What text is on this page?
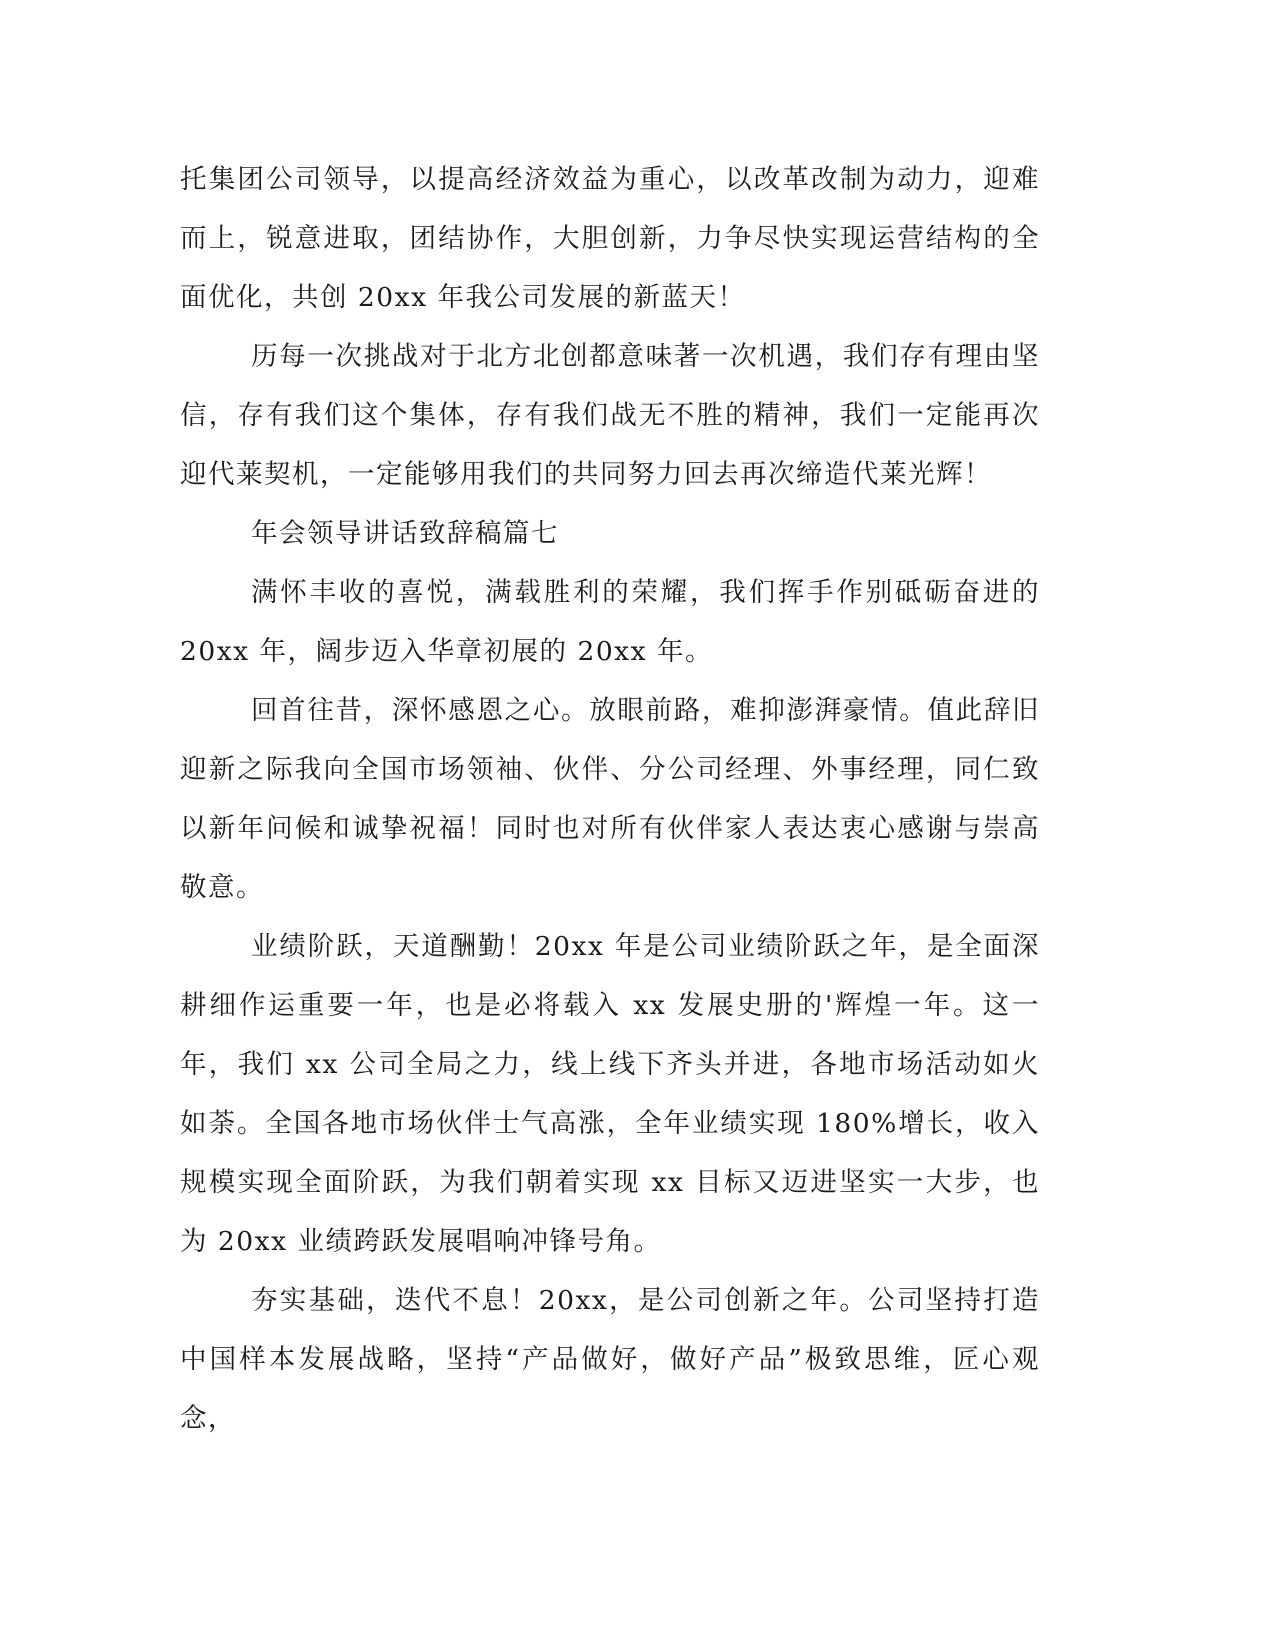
托集团公司领导，以提高经济效益为重心，以改革改制为动力，迎难而上，锐意进取，团结协作，大胆创新，力争尽快实现运营结构的全面优化，共创 20xx 年我公司发展的新蓝天！

历每一次挑战对于北方北创都意味著一次机遇，我们存有理由坚信，存有我们这个集体，存有我们战无不胜的精神，我们一定能再次迎代莱契机，一定能够用我们的共同努力回去再次缔造代莱光辉！

年会领导讲话致辞稿篇七

满怀丰收的喜悦，满载胜利的荣耀，我们挥手作别砥砺奋进的 20xx 年，阔步迈入华章初展的 20xx 年。

回首往昔，深怀感恩之心。放眼前路，难抑澎湃豪情。值此辞旧迎新之际我向全国市场领袖、伙伴、分公司经理、外事经理，同仁致以新年问候和诚挚祝福！同时也对所有伙伴家人表达衷心感谢与崇高敬意。

业绩阶跃，天道酬勤！20xx 年是公司业绩阶跃之年，是全面深耕细作运重要一年，也是必将载入 xx 发展史册的'辉煌一年。这一年，我们 xx 公司全局之力，线上线下齐头并进，各地市场活动如火如荼。全国各地市场伙伴士气高涨，全年业绩实现 180%增长，收入规模实现全面阶跃，为我们朝着实现 xx 目标又迈进坚实一大步，也为 20xx 业绩跨跃发展唱响冲锋号角。

夯实基础，迭代不息！20xx，是公司创新之年。公司坚持打造中国样本发展战略，坚持“产品做好，做好产品”极致思维，匠心观念，
